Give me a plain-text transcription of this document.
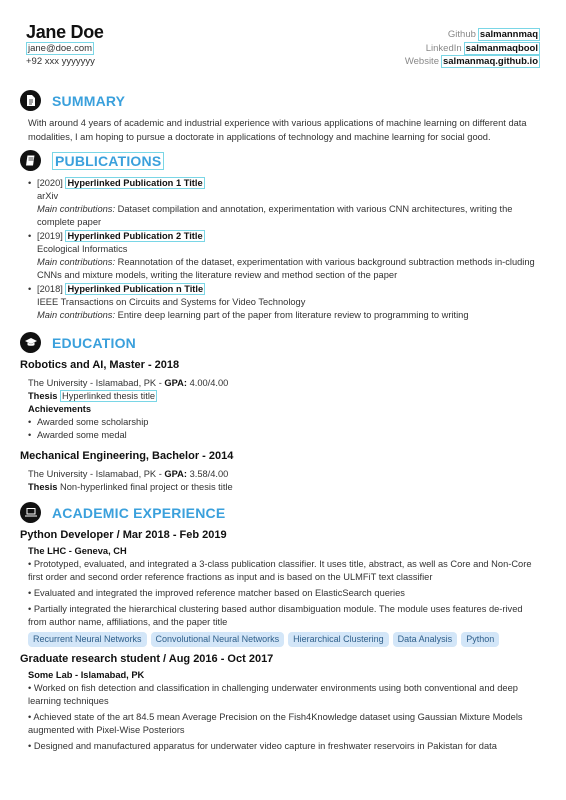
Jane Doe
jane@doe.com
+92 xxx yyyyyyy
Github salmannmaq
LinkedIn salmanmaqbool
Website salmanmaq.github.io
SUMMARY
With around 4 years of academic and industrial experience with various applications of machine learning on different data modalities, I am hoping to pursue a doctorate in applications of technology and machine learning for social good.
PUBLICATIONS
• [2020] Hyperlinked Publication 1 Title
arXiv
Main contributions: Dataset compilation and annotation, experimentation with various CNN architectures, writing the complete paper
• [2019] Hyperlinked Publication 2 Title
Ecological Informatics
Main contributions: Reannotation of the dataset, experimentation with various background subtraction methods in-cluding CNNs and mixture models, writing the literature review and method section of the paper
• [2018] Hyperlinked Publication n Title
IEEE Transactions on Circuits and Systems for Video Technology
Main contributions: Entire deep learning part of the paper from literature review to programming to writing
EDUCATION
Robotics and AI, Master - 2018
The University - Islamabad, PK - GPA: 4.00/4.00
Thesis Hyperlinked thesis title
Achievements
• Awarded some scholarship
• Awarded some medal
Mechanical Engineering, Bachelor - 2014
The University - Islamabad, PK - GPA: 3.58/4.00
Thesis Non-hyperlinked final project or thesis title
ACADEMIC EXPERIENCE
Python Developer / Mar 2018 - Feb 2019
The LHC - Geneva, CH
• Prototyped, evaluated, and integrated a 3-class publication classifier. It uses title, abstract, as well as Core and Non-Core first order and second order reference fractions as input and is based on the ULMFiT text classifier
• Evaluated and integrated the improved reference matcher based on ElasticSearch queries
• Partially integrated the hierarchical clustering based author disambiguation module. The module uses features de-rived from author name, affiliations, and the paper title
Recurrent Neural Networks	Convolutional Neural Networks	Hierarchical Clustering	Data Analysis	Python
Graduate research student / Aug 2016 - Oct 2017
Some Lab - Islamabad, PK
• Worked on fish detection and classification in challenging underwater environments using both conventional and deep learning techniques
• Achieved state of the art 84.5 mean Average Precision on the Fish4Knowledge dataset using Gaussian Mixture Models augmented with Pixel-Wise Posteriors
• Designed and manufactured apparatus for underwater video capture in freshwater reservoirs in Pakistan for data
